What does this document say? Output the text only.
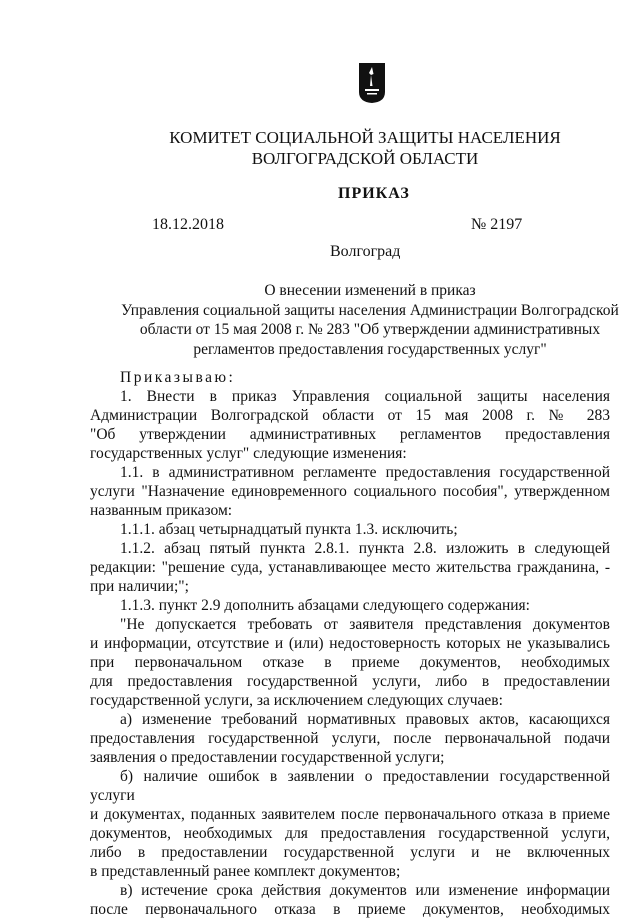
КОМИТЕТ СОЦИАЛЬНОЙ ЗАЩИТЫ НАСЕЛЕНИЯ
ВОЛГОГРАДСКОЙ ОБЛАСТИ
ПРИКАЗ
18.12.2018	№ 2197
Волгоград
О внесении изменений в приказ
Управления социальной защиты населения Администрации Волгоградской
области от 15 мая 2008 г. № 283 "Об утверждении административных
регламентов предоставления государственных услуг"

Приказываю:

1. Внести в приказ Управления социальной защиты населения

Администрации Волгоградской области от 15 мая 2008 г. № 283

"Об утверждении административных регламентов предоставления

государственных услуг" следующие изменения:

1.1. в административном регламенте предоставления государственной

услуги "Назначение единовременного социального пособия", утвержденном

названным приказом:

1.1.1. абзац четырнадцатый пункта 1.3. исключить;

1.1.2. абзац пятый пункта 2.8.1. пункта 2.8. изложить в следующей

редакции: "решение суда, устанавливающее место жительства гражданина, -

при наличии;";

1.1.3. пункт 2.9 дополнить абзацами следующего содержания:

"Не допускается требовать от заявителя представления документов

и информации, отсутствие и (или) недостоверность которых не указывались

при первоначальном отказе в приеме документов, необходимых

для предоставления государственной услуги, либо в предоставлении

государственной услуги, за исключением следующих случаев:

а) изменение требований нормативных правовых актов, касающихся

предоставления государственной услуги, после первоначальной подачи

заявления о предоставлении государственной услуги;

б) наличие ошибок в заявлении о предоставлении государственной услуги

и документах, поданных заявителем после первоначального отказа в приеме

документов, необходимых для предоставления государственной услуги,

либо в предоставлении государственной услуги и не включенных

в представленный ранее комплект документов;

в) истечение срока действия документов или изменение информации

после первоначального отказа в приеме документов, необходимых
